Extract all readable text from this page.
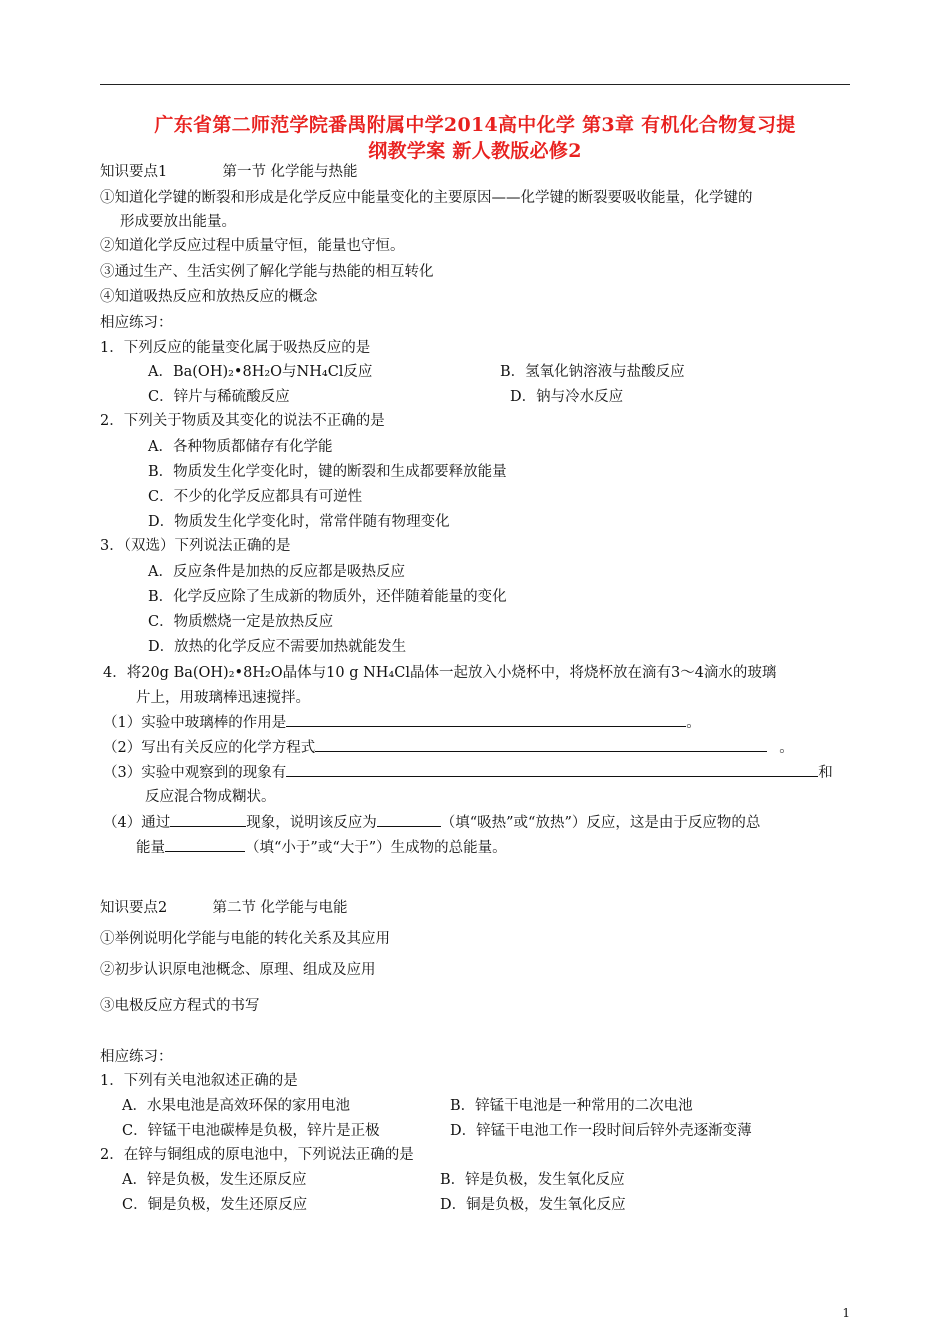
广东省第二师范学院番禺附属中学2014高中化学 第3章 有机化合物复习提
纲教学案 新人教版必修2
知识要点1	第一节 化学能与热能
①知道化学键的断裂和形成是化学反应中能量变化的主要原因——化学键的断裂要吸收能量，化学键的
形成要放出能量。
②知道化学反应过程中质量守恒，能量也守恒。
③通过生产、生活实例了解化学能与热能的相互转化
④知道吸热反应和放热反应的概念
相应练习：
1．下列反应的能量变化属于吸热反应的是
A．Ba(OH)₂•8H₂O与NH₄Cl反应	B．氢氧化钠溶液与盐酸反应
C．锌片与稀硫酸反应	D．钠与冷水反应
2．下列关于物质及其变化的说法不正确的是
A．各种物质都储存有化学能
B．物质发生化学变化时，键的断裂和生成都要释放能量
C．不少的化学反应都具有可逆性
D．物质发生化学变化时，常常伴随有物理变化
3．（双选）下列说法正确的是
A．反应条件是加热的反应都是吸热反应
B．化学反应除了生成新的物质外，还伴随着能量的变化
C．物质燃烧一定是放热反应
D．放热的化学反应不需要加热就能发生
4．将20g Ba(OH)₂•8H₂O晶体与10 g NH₄Cl晶体一起放入小烧杯中，将烧杯放在滴有3～4滴水的玻璃
片上，用玻璃棒迅速搅拌。
（1）实验中玻璃棒的作用是	。
（2）写出有关反应的化学方程式	。
（3）实验中观察到的现象有	和
反应混合物成糊状。
（4）通过	现象，说明该反应为	（填“吸热”或“放热”）反应，这是由于反应物的总
能量	（填“小于”或“大于”）生成物的总能量。
知识要点2	第二节 化学能与电能
①举例说明化学能与电能的转化关系及其应用
②初步认识原电池概念、原理、组成及应用
③电极反应方程式的书写
相应练习：
1．下列有关电池叙述正确的是
A．水果电池是高效环保的家用电池	B．锌锰干电池是一种常用的二次电池
C．锌锰干电池碳棒是负极，锌片是正极	D．锌锰干电池工作一段时间后锌外壳逐渐变薄
2．在锌与铜组成的原电池中，下列说法正确的是
A．锌是负极，发生还原反应	B．锌是负极，发生氧化反应
C．铜是负极，发生还原反应	D．铜是负极，发生氧化反应
1
